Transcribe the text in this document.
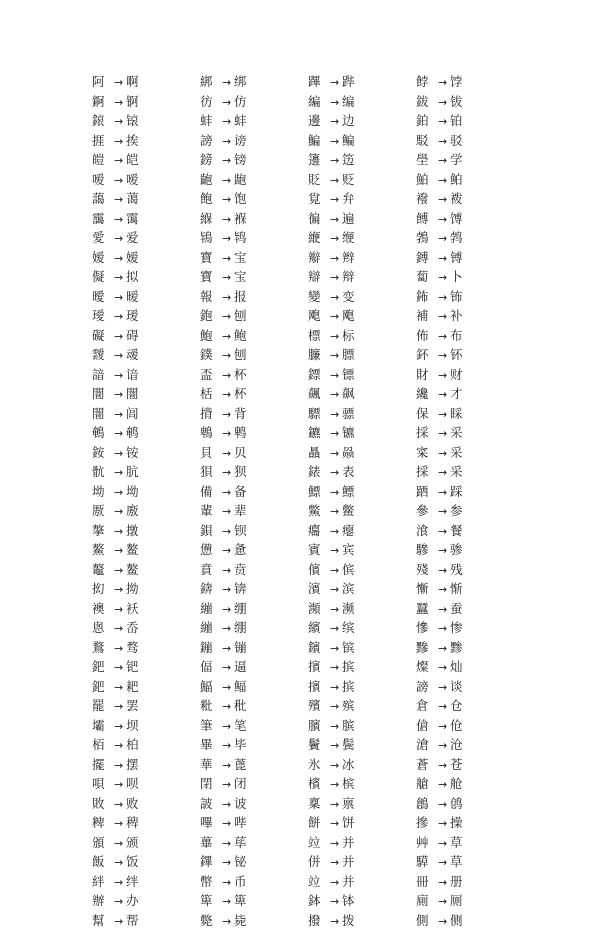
阿 → 啊
錒 → 锕
鎄 → 锿
捱 → 挨
皚 → 皑
嗳 → 嗳
藹 → 蔼
靄 → 霭
愛 → 爱
嫒 → 嫒
儗 → 拟
曖 → 暧
璦 → 瑷
礙 → 碍
靉 → 叆
諳 → 谙
闇 → 闇
闇 → 闾
鵪 → 鹌
銨 → 铵
骯 → 肮
坳 → 坳
厫 → 廒
摮 → 撴
鰲 → 鳌
鼇 → 鳌
抝 → 拗
襖 → 袄
悤 → 岙
鶩 → 骛
鈀 → 钯
鈀 → 耙
罷 → 罢
壩 → 坝
栢 → 柏
擺 → 摆
唄 → 呗
敗 → 败
粺 → 稗
頒 → 颁
飯 → 饭
絆 → 绊
辦 → 办
幫 → 帮
綁 → 绑
彷 → 仿
蚌 → 蚌
謗 → 谤
鎊 → 镑
齙 → 龅
飽 → 饱
緥 → 褓
鴇 → 鸨
寶 → 宝
寶 → 宝
報 → 报
鉋 → 刨
鮑 → 鲍
鏷 → 刨
盃 → 杯
栝 → 杯
揹 → 背
鵯 → 鹎
貝 → 贝
狽 → 狈
備 → 备
輩 → 辈
鋇 → 钡
憊 → 惫
賁 → 贲
錛 → 锛
繃 → 绷
繃 → 绷
鏰 → 镚
偪 → 逼
鰏 → 鲾
粃 → 秕
筆 → 笔
畢 → 毕
華 → 蓖
閉 → 闭
詖 → 诐
嗶 → 哔
蓽 → 荜
鏎 → 铋
幣 → 币
箄 → 箄
斃 → 毙
蹕 → 跸
編 → 编
邊 → 边
鯿 → 鳊
籩 → 笾
貶 → 贬
覍 → 弁
徧 → 遍
緶 → 缏
辮 → 辫
辯 → 辩
變 → 变
飑 → 飑
標 → 标
臁 → 膘
鏢 → 镖
飆 → 飙
驃 → 骠
鑣 → 镳
贔 → 赑
錶 → 表
鰾 → 鳔
鱉 → 鳖
癟 → 瘪
賓 → 宾
儐 → 傧
濱 → 滨
瀕 → 濒
繽 → 缤
鑌 → 镔
擯 → 摈
擯 → 摈
殯 → 殡
臏 → 膑
鬢 → 鬓
氷 → 冰
檳 → 槟
稟 → 禀
餅 → 饼
竝 → 并
併 → 并
竝 → 并
鉢 → 钵
撥 → 拨
餑 → 饽
鈸 → 钹
鉑 → 铂
駁 → 驳
壆 → 学
鮊 → 鲌
襏 → 袯
餺 → 馎
鵓 → 鹁
鎛 → 镈
蔔 → 卜
鈽 → 钸
補 → 补
佈 → 布
鈈 → 钚
財 → 财
纔 → 才
保 → 睬
採 → 采
寀 → 采
採 → 采
跴 → 踩
參 → 参
湌 → 餐
驂 → 骖
殘 → 残
慚 → 惭
蠶 → 蚕
慘 → 惨
黲 → 黪
燦 → 灿
謗 → 谈
倉 → 仓
傖 → 伧
滄 → 沧
蒼 → 苍
艙 → 舱
鶬 → 鸧
摻 → 操
艸 → 草
騲 → 草
冊 → 册
廁 → 厕
側 → 侧
